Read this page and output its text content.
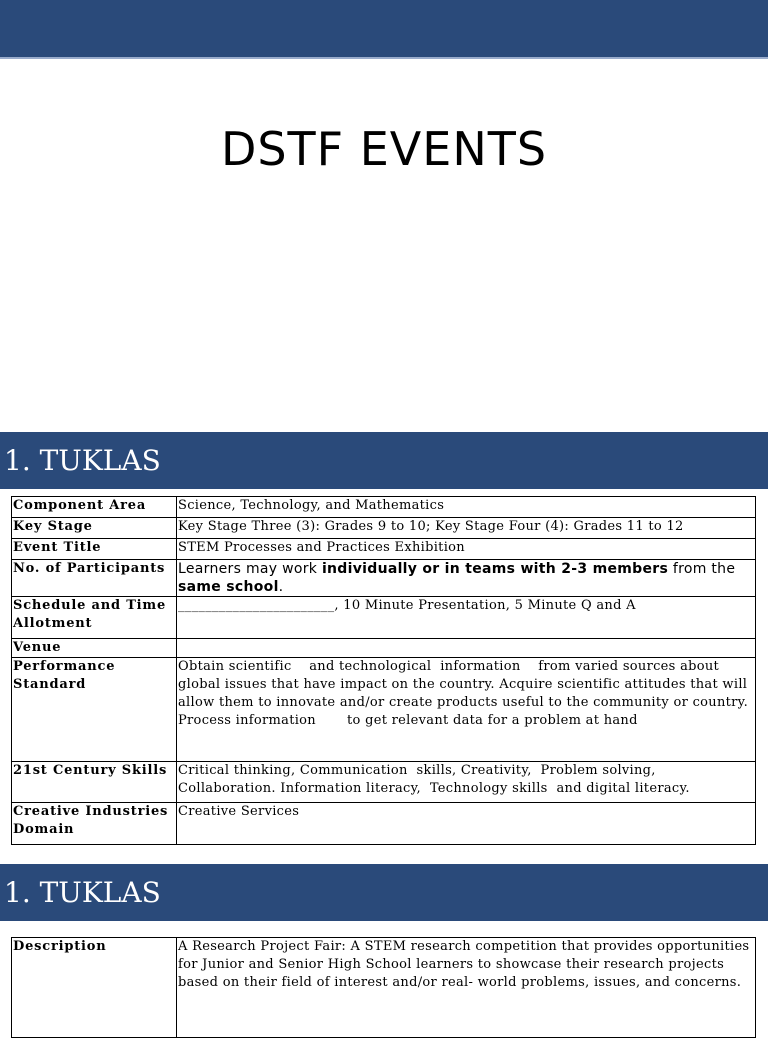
DSTF EVENTS
1. TUKLAS
Component Area	Science, Technology, and Mathematics
Key Stage	Key Stage Three (3): Grades 9 to 10; Key Stage Four (4): Grades 11 to 12
Event Title	STEM Processes and Practices Exhibition
No. of Participants	Learners may work individually or in teams with 2-3 members from the same school.
Schedule and Time Allotment	_______________________, 10 Minute Presentation, 5 Minute Q and A
Venue	
Performance Standard	Obtain scientific    and technological  information    from varied sources about global issues that have impact on the country. Acquire scientific attitudes that will allow them to innovate and/or create products useful to the community or country. Process information       to get relevant data for a problem at hand
21st Century Skills	Critical thinking, Communication  skills, Creativity,  Problem solving, Collaboration. Information literacy,  Technology skills  and digital literacy.
Creative Industries Domain	Creative Services
1. TUKLAS
Description	A Research Project Fair: A STEM research competition that provides opportunities for Junior and Senior High School learners to showcase their research projects based on their field of interest and/or real- world problems, issues, and concerns.
